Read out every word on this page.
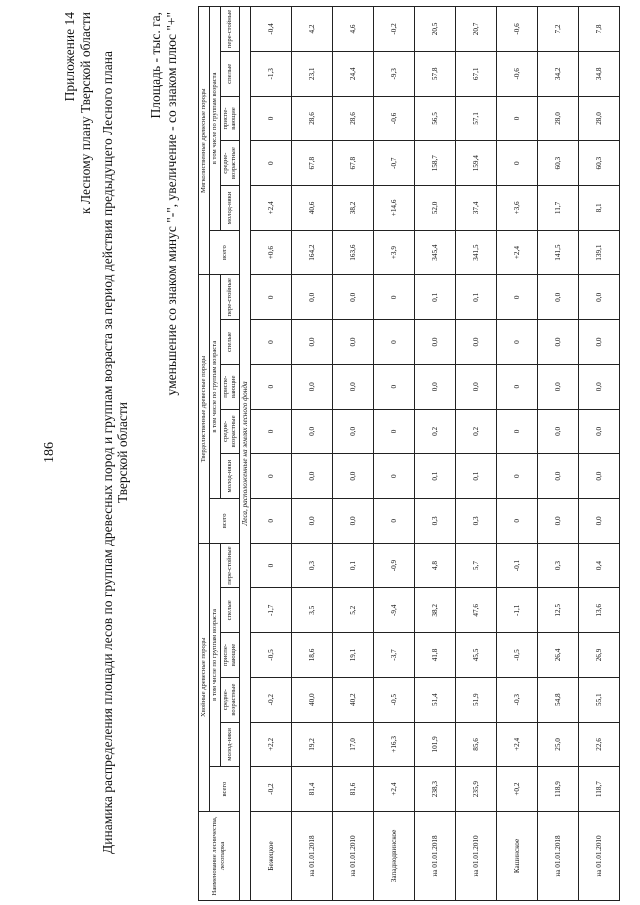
186
Приложение 14 к Лесному плану Тверской области Динамика распределения площади лесов по группам древесных пород и группам возраста за период действия предыдущего Лесного плана Тверской области
Площадь - тыс. га, уменьшение со знаком минус "-", увеличение - со знаком плюс "+"
Наименование лесничества, лесопарка	Хвойные древесные породы						Твердолиственные древесные породы						Мягколиственные древесные породы					
	всего	в том числе по группам возраста					всего	в том числе по группам возраста					всего	в том числе по группам возраста				
		молод-няки	средне-возрастные	приспе-вающие	спелые	пере-стойные		молод-няки	средне-возрастные	приспе-вающие	спелые	пере-стойные		молод-няки	средне-возрастные	приспе-вающие	спелые	пере-стойные
Леса, расположенные на землях лесного фонда																		
Бежецкое	-0,2	+2,2	-0,2	-0,5	-1,7	0	0	0	0	0	0	0	+0,6	+2,4	0	0	-1,3	-0,4
на 01.01.2018	81,4	19,2	40,0	18,6	3,5	0,3	0,0	0,0	0,0	0,0	0,0	0,0	164,2	40,6	67,8	28,6	23,1	4,2
на 01.01.2010	81,6	17,0	40,2	19,1	5,2	0,1	0,0	0,0	0,0	0,0	0,0	0,0	163,6	38,2	67,8	28,6	24,4	4,6
Западнодвинское	+2,4	+16,3	-0,5	-3,7	-9,4	-0,9	0	0	0	0	0	0	+3,9	+14,6	-0,7	-0,6	-9,3	-0,2
на 01.01.2018	238,3	101,9	51,4	41,8	38,2	4,8	0,3	0,1	0,2	0,0	0,0	0,1	345,4	52,0	158,7	56,5	57,8	20,5
на 01.01.2010	235,9	85,6	51,9	45,5	47,6	5,7	0,3	0,1	0,2	0,0	0,0	0,1	341,5	37,4	159,4	57,1	67,1	20,7
Кашинское	+0,2	+2,4	-0,3	-0,5	-1,1	-0,1	0	0	0	0	0	0	+2,4	+3,6	0	0	-0,6	-0,6
на 01.01.2018	118,9	25,0	54,8	26,4	12,5	0,3	0,0	0,0	0,0	0,0	0,0	0,0	141,5	11,7	60,3	28,0	34,2	7,2
на 01.01.2010	118,7	22,6	55,1	26,9	13,6	0,4	0,0	0,0	0,0	0,0	0,0	0,0	139,1	8,1	60,3	28,0	34,8	7,8
